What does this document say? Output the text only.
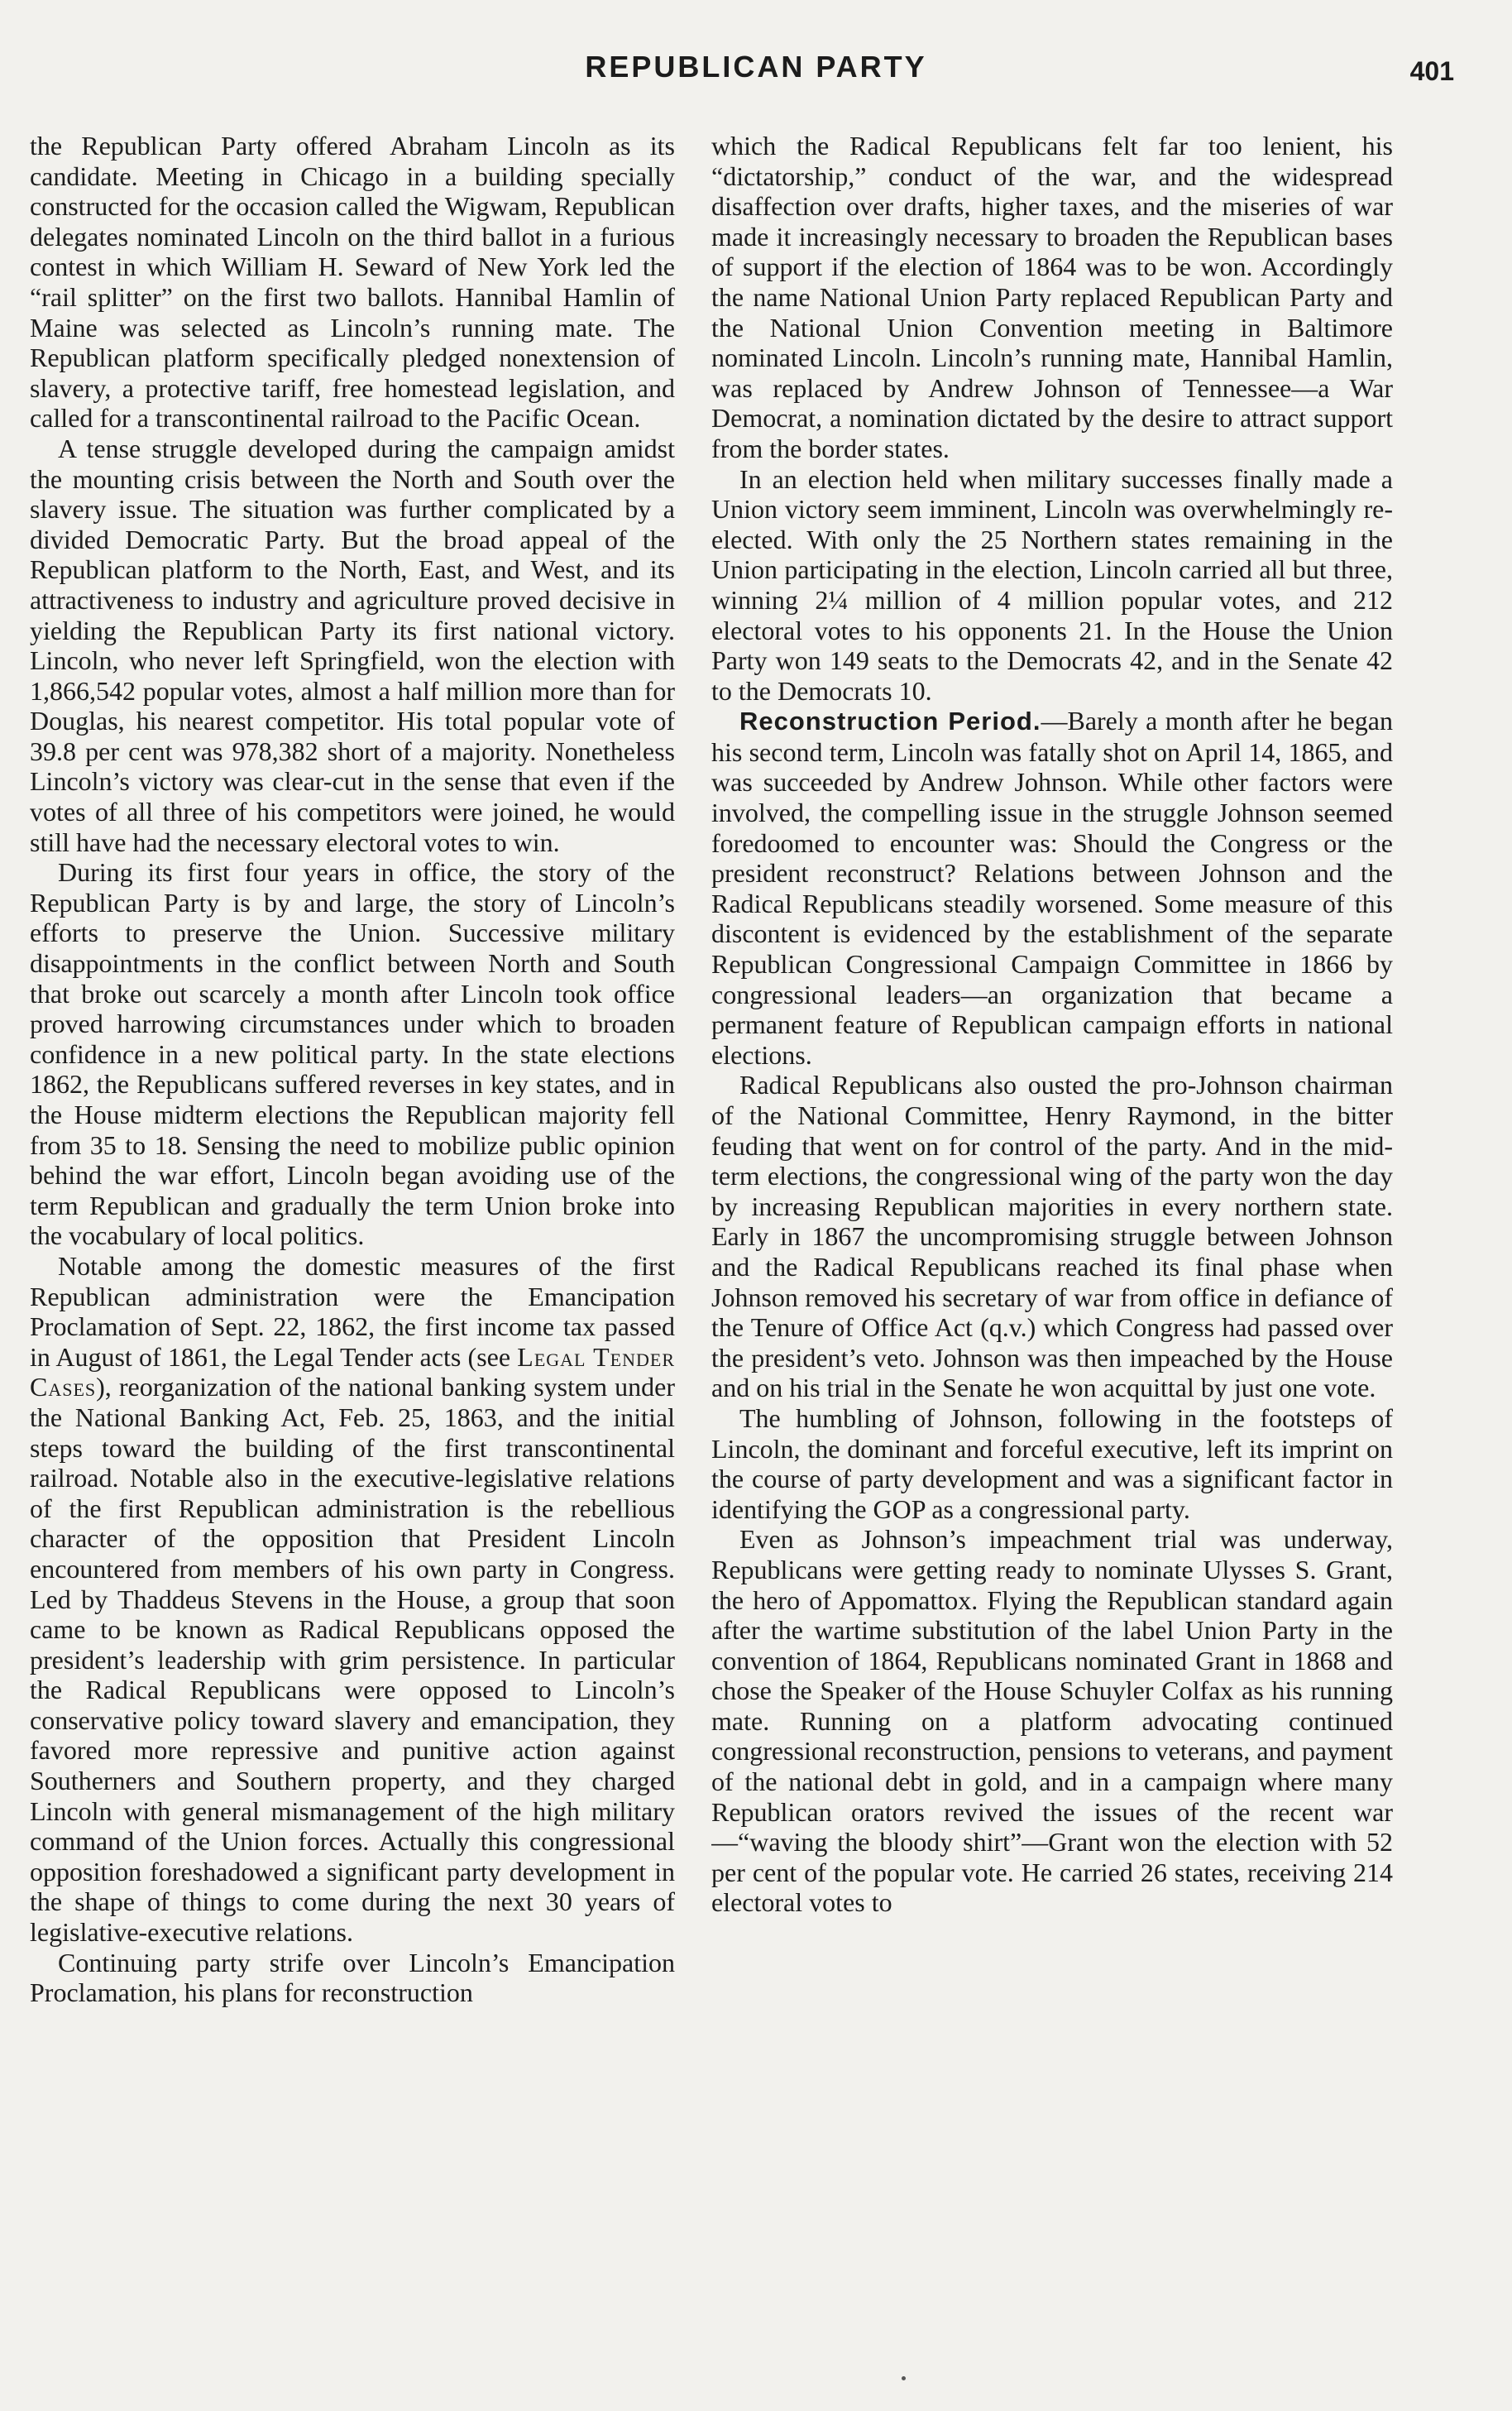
REPUBLICAN PARTY	401

the Republican Party offered Abraham Lincoln as its candidate. Meeting in Chicago in a building specially constructed for the occasion called the Wigwam, Republican delegates nominated Lincoln on the third ballot in a furious contest in which William H. Seward of New York led the “rail splitter” on the first two ballots. Hannibal Hamlin of Maine was selected as Lincoln’s running mate. The Republican platform specifically pledged nonextension of slavery, a protective tariff, free homestead legislation, and called for a transcontinental railroad to the Pacific Ocean.

A tense struggle developed during the campaign amidst the mounting crisis between the North and South over the slavery issue. The situation was further complicated by a divided Democratic Party. But the broad appeal of the Republican platform to the North, East, and West, and its attractiveness to industry and agriculture proved decisive in yielding the Republican Party its first national victory. Lincoln, who never left Springfield, won the election with 1,866,542 popular votes, almost a half million more than for Douglas, his nearest competitor. His total popular vote of 39.8 per cent was 978,382 short of a majority. Nonetheless Lincoln’s victory was clear-cut in the sense that even if the votes of all three of his competitors were joined, he would still have had the necessary electoral votes to win.

During its first four years in office, the story of the Republican Party is by and large, the story of Lincoln’s efforts to preserve the Union. Successive military disappointments in the conflict between North and South that broke out scarcely a month after Lincoln took office proved harrowing circumstances under which to broaden confidence in a new political party. In the state elections 1862, the Republicans suffered reverses in key states, and in the House midterm elections the Republican majority fell from 35 to 18. Sensing the need to mobilize public opinion behind the war effort, Lincoln began avoiding use of the term Republican and gradually the term Union broke into the vocabulary of local politics.

Notable among the domestic measures of the first Republican administration were the Emancipation Proclamation of Sept. 22, 1862, the first income tax passed in August of 1861, the Legal Tender acts (see Legal Tender Cases), reorganization of the national banking system under the National Banking Act, Feb. 25, 1863, and the initial steps toward the building of the first transcontinental railroad. Notable also in the executive-legislative relations of the first Republican administration is the rebellious character of the opposition that President Lincoln encountered from members of his own party in Congress. Led by Thaddeus Stevens in the House, a group that soon came to be known as Radical Republicans opposed the president’s leadership with grim persistence. In particular the Radical Republicans were opposed to Lincoln’s conservative policy toward slavery and emancipation, they favored more repressive and punitive action against Southerners and Southern property, and they charged Lincoln with general mismanagement of the high military command of the Union forces. Actually this congressional opposition foreshadowed a significant party development in the shape of things to come during the next 30 years of legislative-executive relations.

Continuing party strife over Lincoln’s Emancipation Proclamation, his plans for reconstruction

which the Radical Republicans felt far too lenient, his “dictatorship,” conduct of the war, and the widespread disaffection over drafts, higher taxes, and the miseries of war made it increasingly necessary to broaden the Republican bases of support if the election of 1864 was to be won. Accordingly the name National Union Party replaced Republican Party and the National Union Convention meeting in Baltimore nominated Lincoln. Lincoln’s running mate, Hannibal Hamlin, was replaced by Andrew Johnson of Tennessee—a War Democrat, a nomination dictated by the desire to attract support from the border states.

In an election held when military successes finally made a Union victory seem imminent, Lincoln was overwhelmingly re-elected. With only the 25 Northern states remaining in the Union participating in the election, Lincoln carried all but three, winning 2¼ million of 4 million popular votes, and 212 electoral votes to his opponents 21. In the House the Union Party won 149 seats to the Democrats 42, and in the Senate 42 to the Democrats 10.

Reconstruction Period.—Barely a month after he began his second term, Lincoln was fatally shot on April 14, 1865, and was succeeded by Andrew Johnson. While other factors were involved, the compelling issue in the struggle Johnson seemed foredoomed to encounter was: Should the Congress or the president reconstruct? Relations between Johnson and the Radical Republicans steadily worsened. Some measure of this discontent is evidenced by the establishment of the separate Republican Congressional Campaign Committee in 1866 by congressional leaders—an organization that became a permanent feature of Republican campaign efforts in national elections.

Radical Republicans also ousted the pro-Johnson chairman of the National Committee, Henry Raymond, in the bitter feuding that went on for control of the party. And in the mid-term elections, the congressional wing of the party won the day by increasing Republican majorities in every northern state. Early in 1867 the uncompromising struggle between Johnson and the Radical Republicans reached its final phase when Johnson removed his secretary of war from office in defiance of the Tenure of Office Act (q.v.) which Congress had passed over the president’s veto. Johnson was then impeached by the House and on his trial in the Senate he won acquittal by just one vote.

The humbling of Johnson, following in the footsteps of Lincoln, the dominant and forceful executive, left its imprint on the course of party development and was a significant factor in identifying the GOP as a congressional party.

Even as Johnson’s impeachment trial was underway, Republicans were getting ready to nominate Ulysses S. Grant, the hero of Appomattox. Flying the Republican standard again after the wartime substitution of the label Union Party in the convention of 1864, Republicans nominated Grant in 1868 and chose the Speaker of the House Schuyler Colfax as his running mate. Running on a platform advocating continued congressional reconstruction, pensions to veterans, and payment of the national debt in gold, and in a campaign where many Republican orators revived the issues of the recent war—“waving the bloody shirt”—Grant won the election with 52 per cent of the popular vote. He carried 26 states, receiving 214 electoral votes to
